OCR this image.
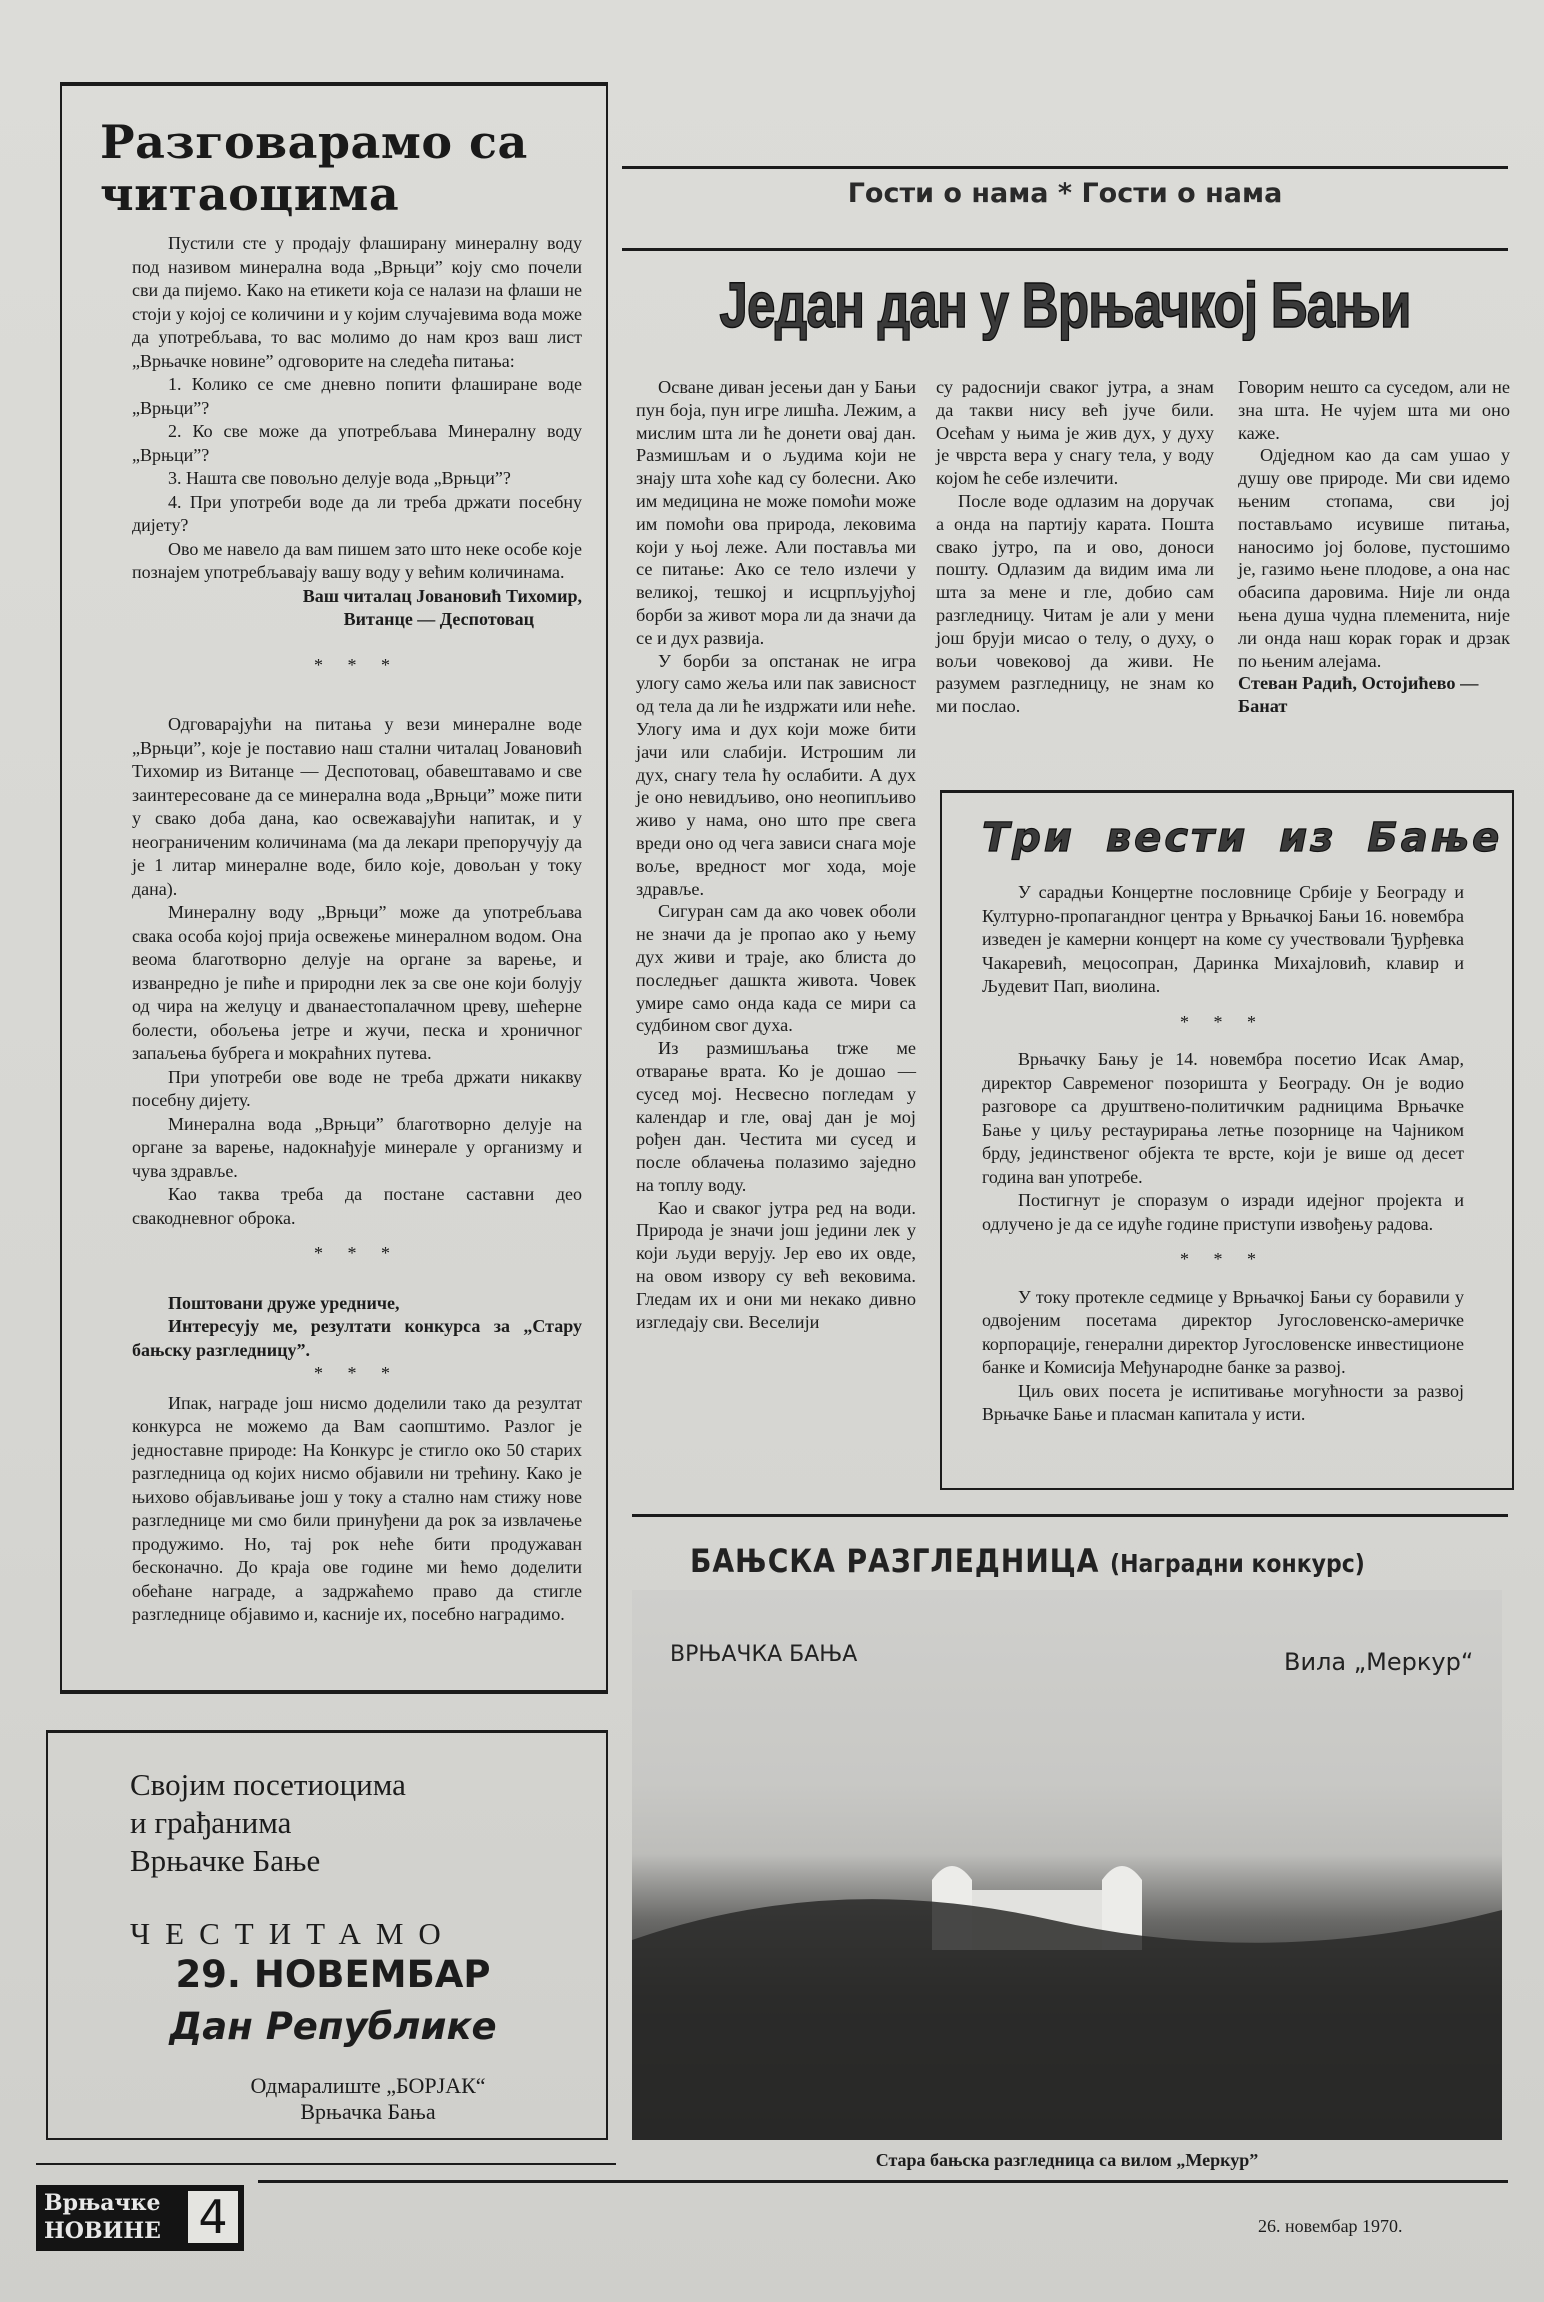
Разговарамо са
читаоцима

Пустили сте у продају флаширану минералну воду под називом минерална вода „Врњци” коју смо почели сви да пијемо. Како на етикети која се налази на флаши не стоји у којој се количини и у којим случајевима вода може да употребљава, то вас молимо до нам кроз ваш лист „Врњачке новине” одговорите на следећа питања:

1. Колико се сме дневно попити флаширане воде „Врњци”?

2. Ко све може да употребљава Минералну воду „Врњци”?

3. Нашта све повољно делује вода „Врњци”?

4. При употреби воде да ли треба држати посебну дијету?

Ово ме навело да вам пишем зато што неке особе које познајем употребљавају вашу воду у већим количинама.

Ваш читалац Јовановић Тихомир,

Витанце — Деспотовац

* * *

Одговарајући на питања у вези минералне воде „Врњци”, које је поставио наш стални читалац Јовановић Тихомир из Витанце — Деспотовац, обавештавамо и све заинтересоване да се минерална вода „Врњци” може пити у свако доба дана, као освежавајући напитак, и у неограниченим количинама (ма да лекари препоручују да је 1 литар минералне воде, било које, довољан у току дана).

Минералну воду „Врњци” може да употребљава свака особа којој прија освежење минералном водом. Она веома благотворно делује на органе за варење, и изванредно је пиће и природни лек за све оне који болују од чира на желуцу и дванаестопалачном цреву, шећерне болести, обољења јетре и жучи, песка и хроничног запаљења бубрега и мокраћних путева.

При употреби ове воде не треба држати никакву посебну дијету.

Минерална вода „Врњци” благотворно делује на органе за варење, надокнађује минерале у организму и чува здравље.

Као таква треба да постане саставни део свакодневног оброка.

* * *

Поштовани друже уредниче,

Интересују ме, резултати конкурса за „Стару бањску разгледницу”.

* * *

Ипак, награде још нисмо доделили тако да резултат конкурса не можемо да Вам саопштимо. Разлог је једноставне природе: На Конкурс је стигло око 50 старих разгледница од којих нисмо објавили ни трећину. Како је њихово објављивање још у току а стално нам стижу нове разгледнице ми смо били принуђени да рок за извлачење продужимо. Но, тај рок неће бити продужаван бесконачно. До краја ове године ми ћемо доделити обећане награде, а задржаћемо право да стигле разгледнице објавимо и, касније их, посебно наградимо.

Својим посетиоцима
и грађанима
Врњачке Бање
ЧЕСТИТАМО
29. НОВЕМБАР
Дан Републике
Одмаралиште „БОРЈАК“
Врњачка Бања
Врњачке
НОВИНЕ 4
Гости о нама * Гости о нама
Један дан у Врњачкој Бањи

Осване диван јесењи дан у Бањи пун боја, пун игре лишћа. Лежим, а мислим шта ли ће донети овај дан. Размишљам и о људима који не знају шта хоће кад су болесни. Ако им медицина не може помоћи може им помоћи ова природа, лековима који у њој леже. Али постављa ми се питање: Ако се тело излечи у великој, тешкој и исцрпљујућој борби за живот мора ли да значи да се и дух развија.

У борби за опстанак не игра улогу само жеља или пак зависност од тела да ли ће издржати или неће. Улогу има и дух који може бити јачи или слабији. Истрошим ли дух, снагу тела ћу ослабити. А дух је оно невидљиво, оно неопипљиво живо у нама, оно што пре свега вреди оно од чега зависи снага моје воље, вредност мог хода, моје здравље.

Сигуран сам да ако човек оболи не значи да је пропао ако у њему дух живи и траје, ако блиста до последњег дашкта живота. Човек умире само онда када се мири са судбином свог духа.

Из размишљања trже ме отварање врата. Ко је дошао — сусед мој. Несвесно погледам у календар и гле, овај дан је мој рођен дан. Честита ми сусед и после облачења полазимо заједно на топлу воду.

Као и сваког јутра ред на води. Природа је значи још једини лек у који људи верују. Јер ево их овде, на овом извору су већ вековима. Гледам их и они ми некако дивно изгледају сви. Веселији

су радоснији сваког јутра, а знам да такви нису већ јуче били. Осећам у њима је жив дух, у духу је чврста вера у снагу тела, у воду којом ће себе излечити.

После воде одлазим на доручак а онда на партију карата. Пошта свако јутро, па и ово, доноси пошту. Одлазим да видим има ли шта за мене и гле, добио сам разгледницу. Читам је али у мени још бруји мисао о телу, о духу, о вољи човековој да живи. Не разумем разгледницу, не знам ко ми послао.

Говорим нешто са суседом, али не зна шта. Не чујем шта ми оно каже.

Одједном као да сам ушао у душу ове природе. Ми сви идемо њеним стопама, сви јој постављамо исувише питања, наносимо јој болове, пустошимо је, газимо њене плодове, а она нас обасипа даровима. Није ли онда њена душа чудна племенита, није ли онда наш корак горак и дрзак по њеним алејама.

Стеван Радић, Остојићево — Банат

Три вести из Бање

У сарадњи Концертне пословнице Србије у Београду и Културно-пропагандног центра у Врњачкој Бањи 16. новембра изведен је камерни концерт на коме су учествовали Ђурђевка Чакаревић, мецосопран, Даринка Михајловић, клавир и Људевит Пап, виолина.

* * *

Врњачку Бању је 14. новембра посетио Исак Амар, директор Савременог позоришта у Београду. Он је водио разговоре са друштвено-политичким радницима Врњачке Бање у циљу рестаурирања летње позорнице на Чајником брду, јединственог објекта те врсте, који је више од десет година ван употребе.

Постигнут је споразум о изради идејног пројекта и одлучено је да се идуће године приступи извођењу радова.

* * *

У току протекле седмице у Врњачкој Бањи су боравили у одвојеним посетама директор Југословенско-америчке корпорације, генерални директор Југословенске инвестиционе банке и Комисија Међународне банке за развој.

Циљ ових посета је испитивање могућности за развој Врњачке Бање и пласман капитала у исти.

БАЊСКА РАЗГЛЕДНИЦА (Наградни конкурс)
ВРЊАЧКА БАЊА	Вила „Меркур“
Стара бањска разгледница са вилом „Меркур”
26. новембар 1970.
